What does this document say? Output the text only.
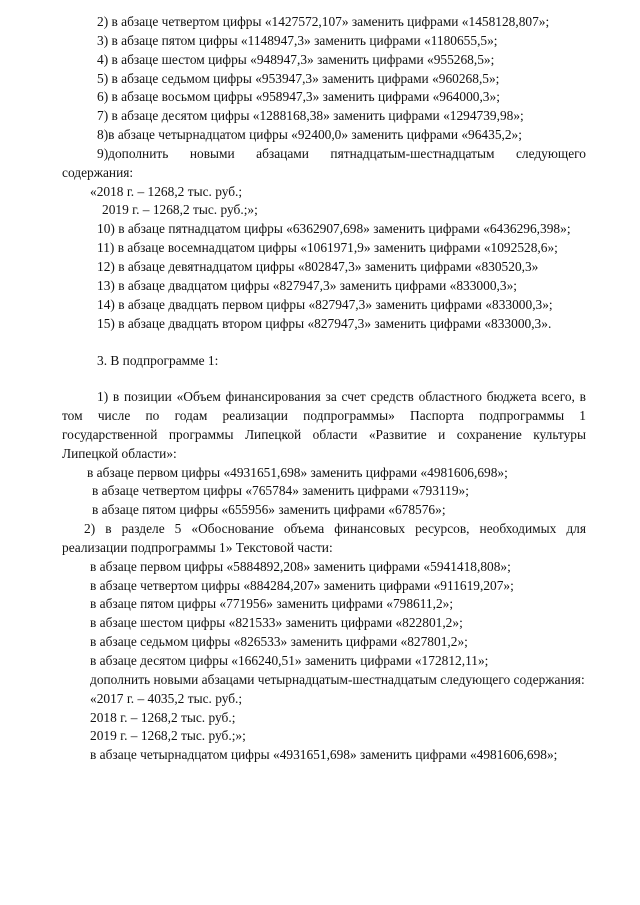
2) в абзаце четвертом цифры «1427572,107» заменить цифрами «1458128,807»;

3) в абзаце пятом цифры «1148947,3» заменить цифрами «1180655,5»;

4) в абзаце шестом цифры «948947,3» заменить цифрами «955268,5»;

5) в абзаце седьмом цифры «953947,3» заменить цифрами «960268,5»;

6) в абзаце восьмом цифры «958947,3» заменить цифрами «964000,3»;

7) в абзаце десятом цифры «1288168,38» заменить цифрами «1294739,98»;

8)в абзаце четырнадцатом цифры «92400,0» заменить цифрами «96435,2»;

9)дополнить новыми абзацами пятнадцатым-шестнадцатым следующего содержания:

«2018 г. – 1268,2 тыс. руб.;

2019 г. – 1268,2 тыс. руб.;»;

10) в абзаце пятнадцатом цифры «6362907,698» заменить цифрами «6436296,398»;

11) в абзаце восемнадцатом цифры «1061971,9» заменить цифрами «1092528,6»;

12) в абзаце девятнадцатом цифры «802847,3» заменить цифрами «830520,3»

13) в абзаце двадцатом цифры «827947,3» заменить цифрами «833000,3»;

14) в абзаце двадцать первом цифры «827947,3» заменить цифрами «833000,3»;

15) в абзаце двадцать втором цифры «827947,3» заменить цифрами «833000,3».

3. В подпрограмме 1:

1) в позиции «Объем финансирования за счет средств областного бюджета всего, в том числе по годам реализации подпрограммы» Паспорта подпрограммы 1 государственной программы Липецкой области «Развитие и сохранение культуры Липецкой области»:

в абзаце первом цифры «4931651,698» заменить цифрами «4981606,698»;

в абзаце четвертом цифры «765784» заменить цифрами «793119»;

в абзаце пятом цифры «655956» заменить цифрами «678576»;

2) в разделе 5 «Обоснование объема финансовых ресурсов, необходимых для реализации подпрограммы 1» Текстовой части:

в абзаце первом цифры «5884892,208» заменить цифрами «5941418,808»;

в абзаце четвертом цифры «884284,207» заменить цифрами «911619,207»;

в абзаце пятом цифры «771956» заменить цифрами «798611,2»;

в абзаце шестом цифры «821533» заменить цифрами «822801,2»;

в абзаце седьмом цифры «826533» заменить цифрами «827801,2»;

в абзаце десятом цифры «166240,51» заменить цифрами «172812,11»;

дополнить новыми абзацами четырнадцатым-шестнадцатым следующего содержания:

«2017 г. – 4035,2 тыс. руб.;

2018 г. – 1268,2 тыс. руб.;

2019 г. – 1268,2 тыс. руб.;»;

в абзаце четырнадцатом цифры «4931651,698» заменить цифрами «4981606,698»;
